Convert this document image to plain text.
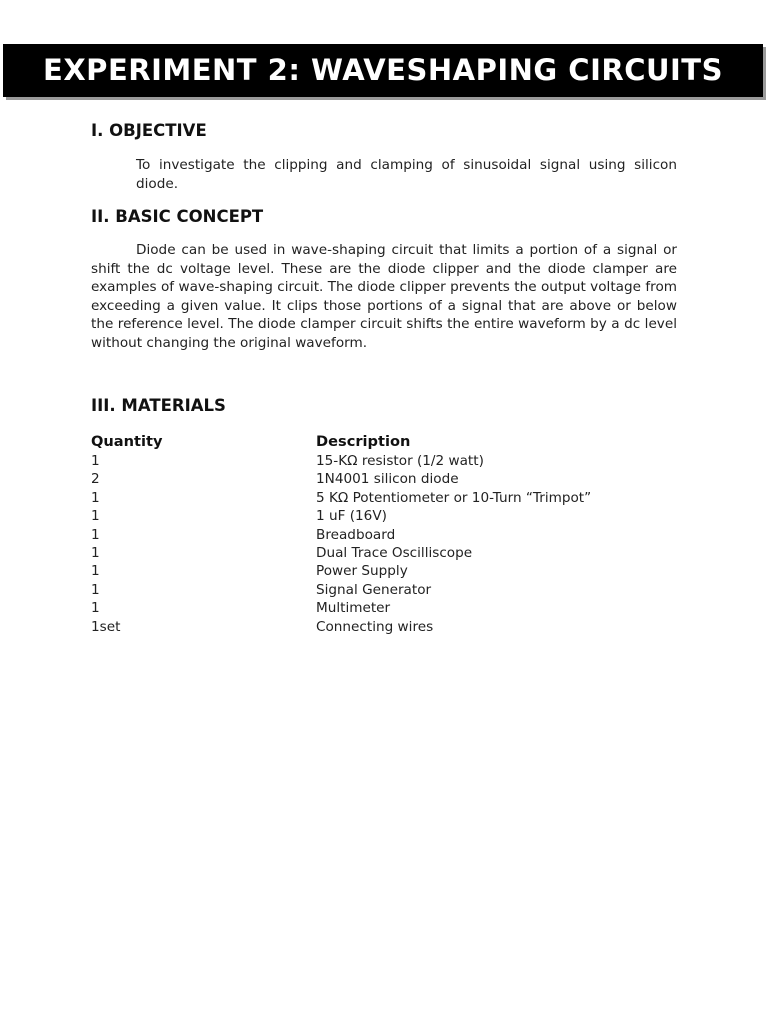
EXPERIMENT 2: WAVESHAPING CIRCUITS
I. OBJECTIVE
To investigate the clipping and clamping of sinusoidal signal using silicon diode.
II. BASIC CONCEPT
Diode can be used in wave-shaping circuit that limits a portion of a signal or shift the dc voltage level. These are the diode clipper and the diode clamper are examples of wave-shaping circuit. The diode clipper prevents the output voltage from exceeding a given value. It clips those portions of a signal that are above or below the reference level. The diode clamper circuit shifts the entire waveform by a dc level without changing the original waveform.
III. MATERIALS
Quantity	Description
1	15-KΩ resistor (1/2 watt)
2	1N4001 silicon diode
1	5 KΩ Potentiometer or 10-Turn “Trimpot”
1	1 uF (16V)
1	Breadboard
1	Dual Trace Oscilliscope
1	Power Supply
1	Signal Generator
1	Multimeter
1set	Connecting wires
